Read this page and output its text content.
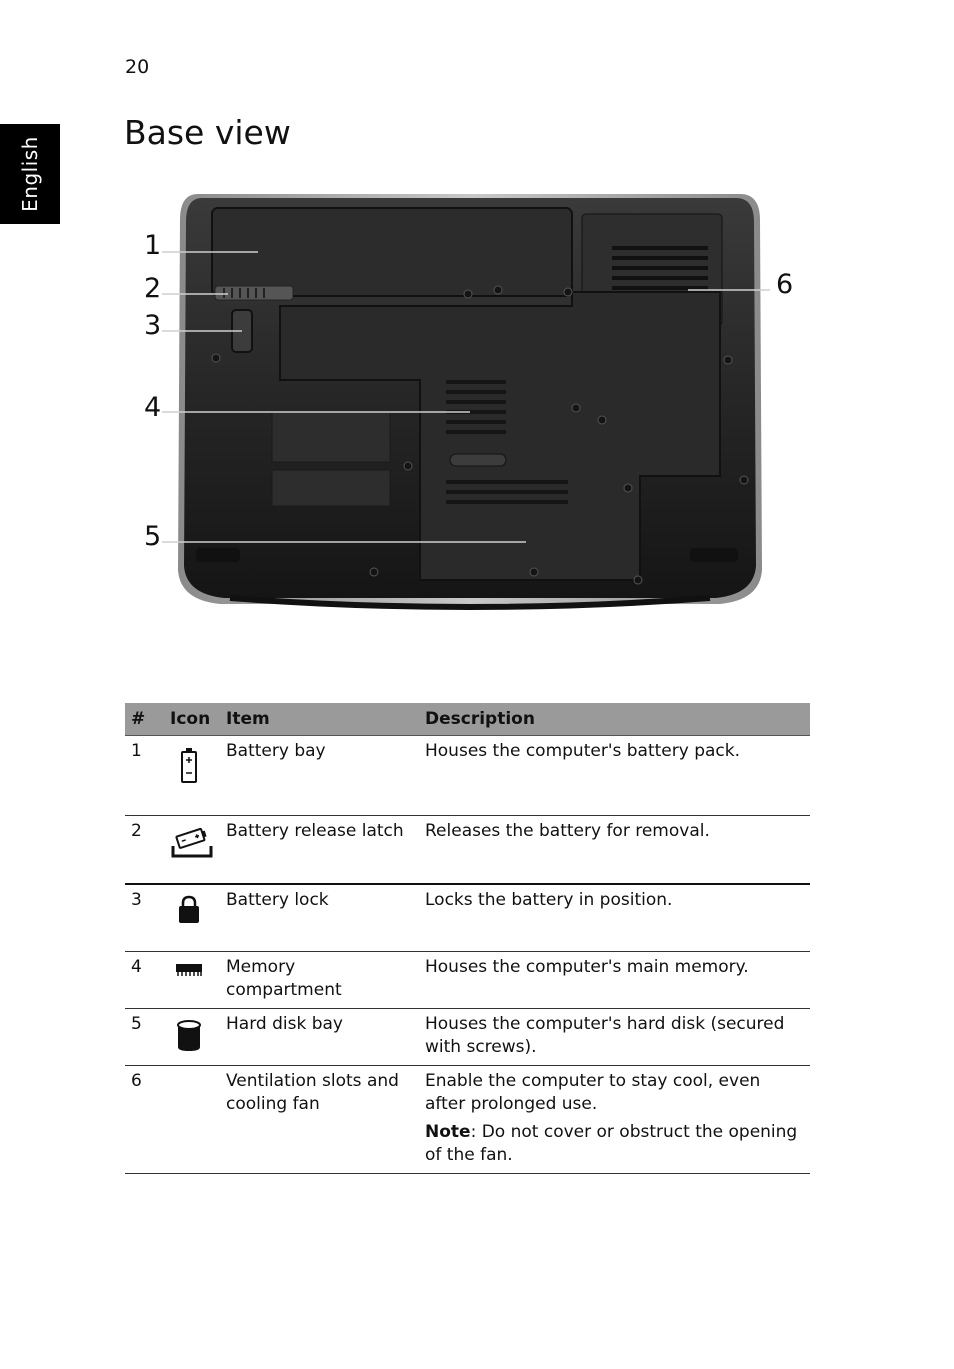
20
English
Base view
1
2
3
4
5
6
#	Icon	Item	Description
1		Battery bay	Houses the computer's battery pack.
2		Battery release latch	Releases the battery for removal.
3		Battery lock	Locks the battery in position.
4		Memory compartment	Houses the computer's main memory.
5		Hard disk bay	Houses the computer's hard disk (secured with screws).
6		Ventilation slots and cooling fan	Enable the computer to stay cool, even after prolonged use.

Note: Do not cover or obstruct the opening of the fan.
